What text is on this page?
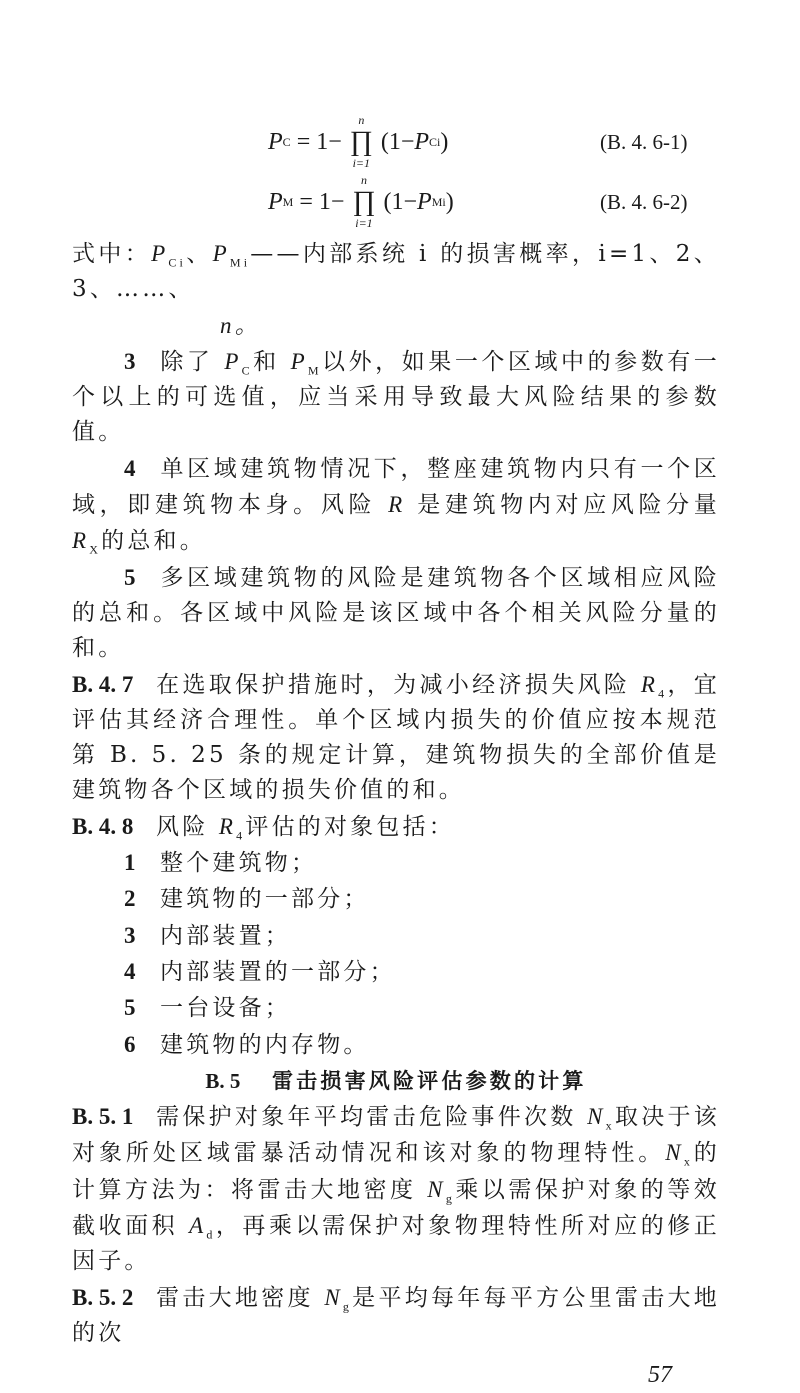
P C = 1−
n
∏
i=1
(1− P Ci )	(B. 4. 6-1)
P M = 1−
n
∏
i=1
(1− P Mi )	(B. 4. 6-2)

式中：$P_{Ci}$、$P_{Mi}——$内部系统 i 的损害概率，i=1、2、3、……、

n。

3 除了 $P_C$和 $P_M$以外，如果一个区域中的参数有一个以上的可选值，应当采用导致最大风险结果的参数值。

4 单区域建筑物情况下，整座建筑物内只有一个区域，即建筑物本身。风险 R 是建筑物内对应风险分量 $R_X$的总和。

5 多区域建筑物的风险是建筑物各个区域相应风险的总和。各区域中风险是该区域中各个相关风险分量的和。

B. 4. 7 在选取保护措施时，为减小经济损失风险 $R_4$，宜评估其经济合理性。单个区域内损失的价值应按本规范第 B. 5. 25 条的规定计算，建筑物损失的全部价值是建筑物各个区域的损失价值的和。

B. 4. 8 风险 $R_4$评估的对象包括：

1 整个建筑物；

2 建筑物的一部分；

3 内部装置；

4 内部装置的一部分；

5 一台设备；

6 建筑物的内存物。

B. 5 雷击损害风险评估参数的计算

B. 5. 1 需保护对象年平均雷击危险事件次数 $N_x$取决于该对象所处区域雷暴活动情况和该对象的物理特性。$N_x$的计算方法为：将雷击大地密度 $N_g$乘以需保护对象的等效截收面积 $A_d$，再乘以需保护对象物理特性所对应的修正因子。

B. 5. 2 雷击大地密度 $N_g$是平均每年每平方公里雷击大地的次

57
